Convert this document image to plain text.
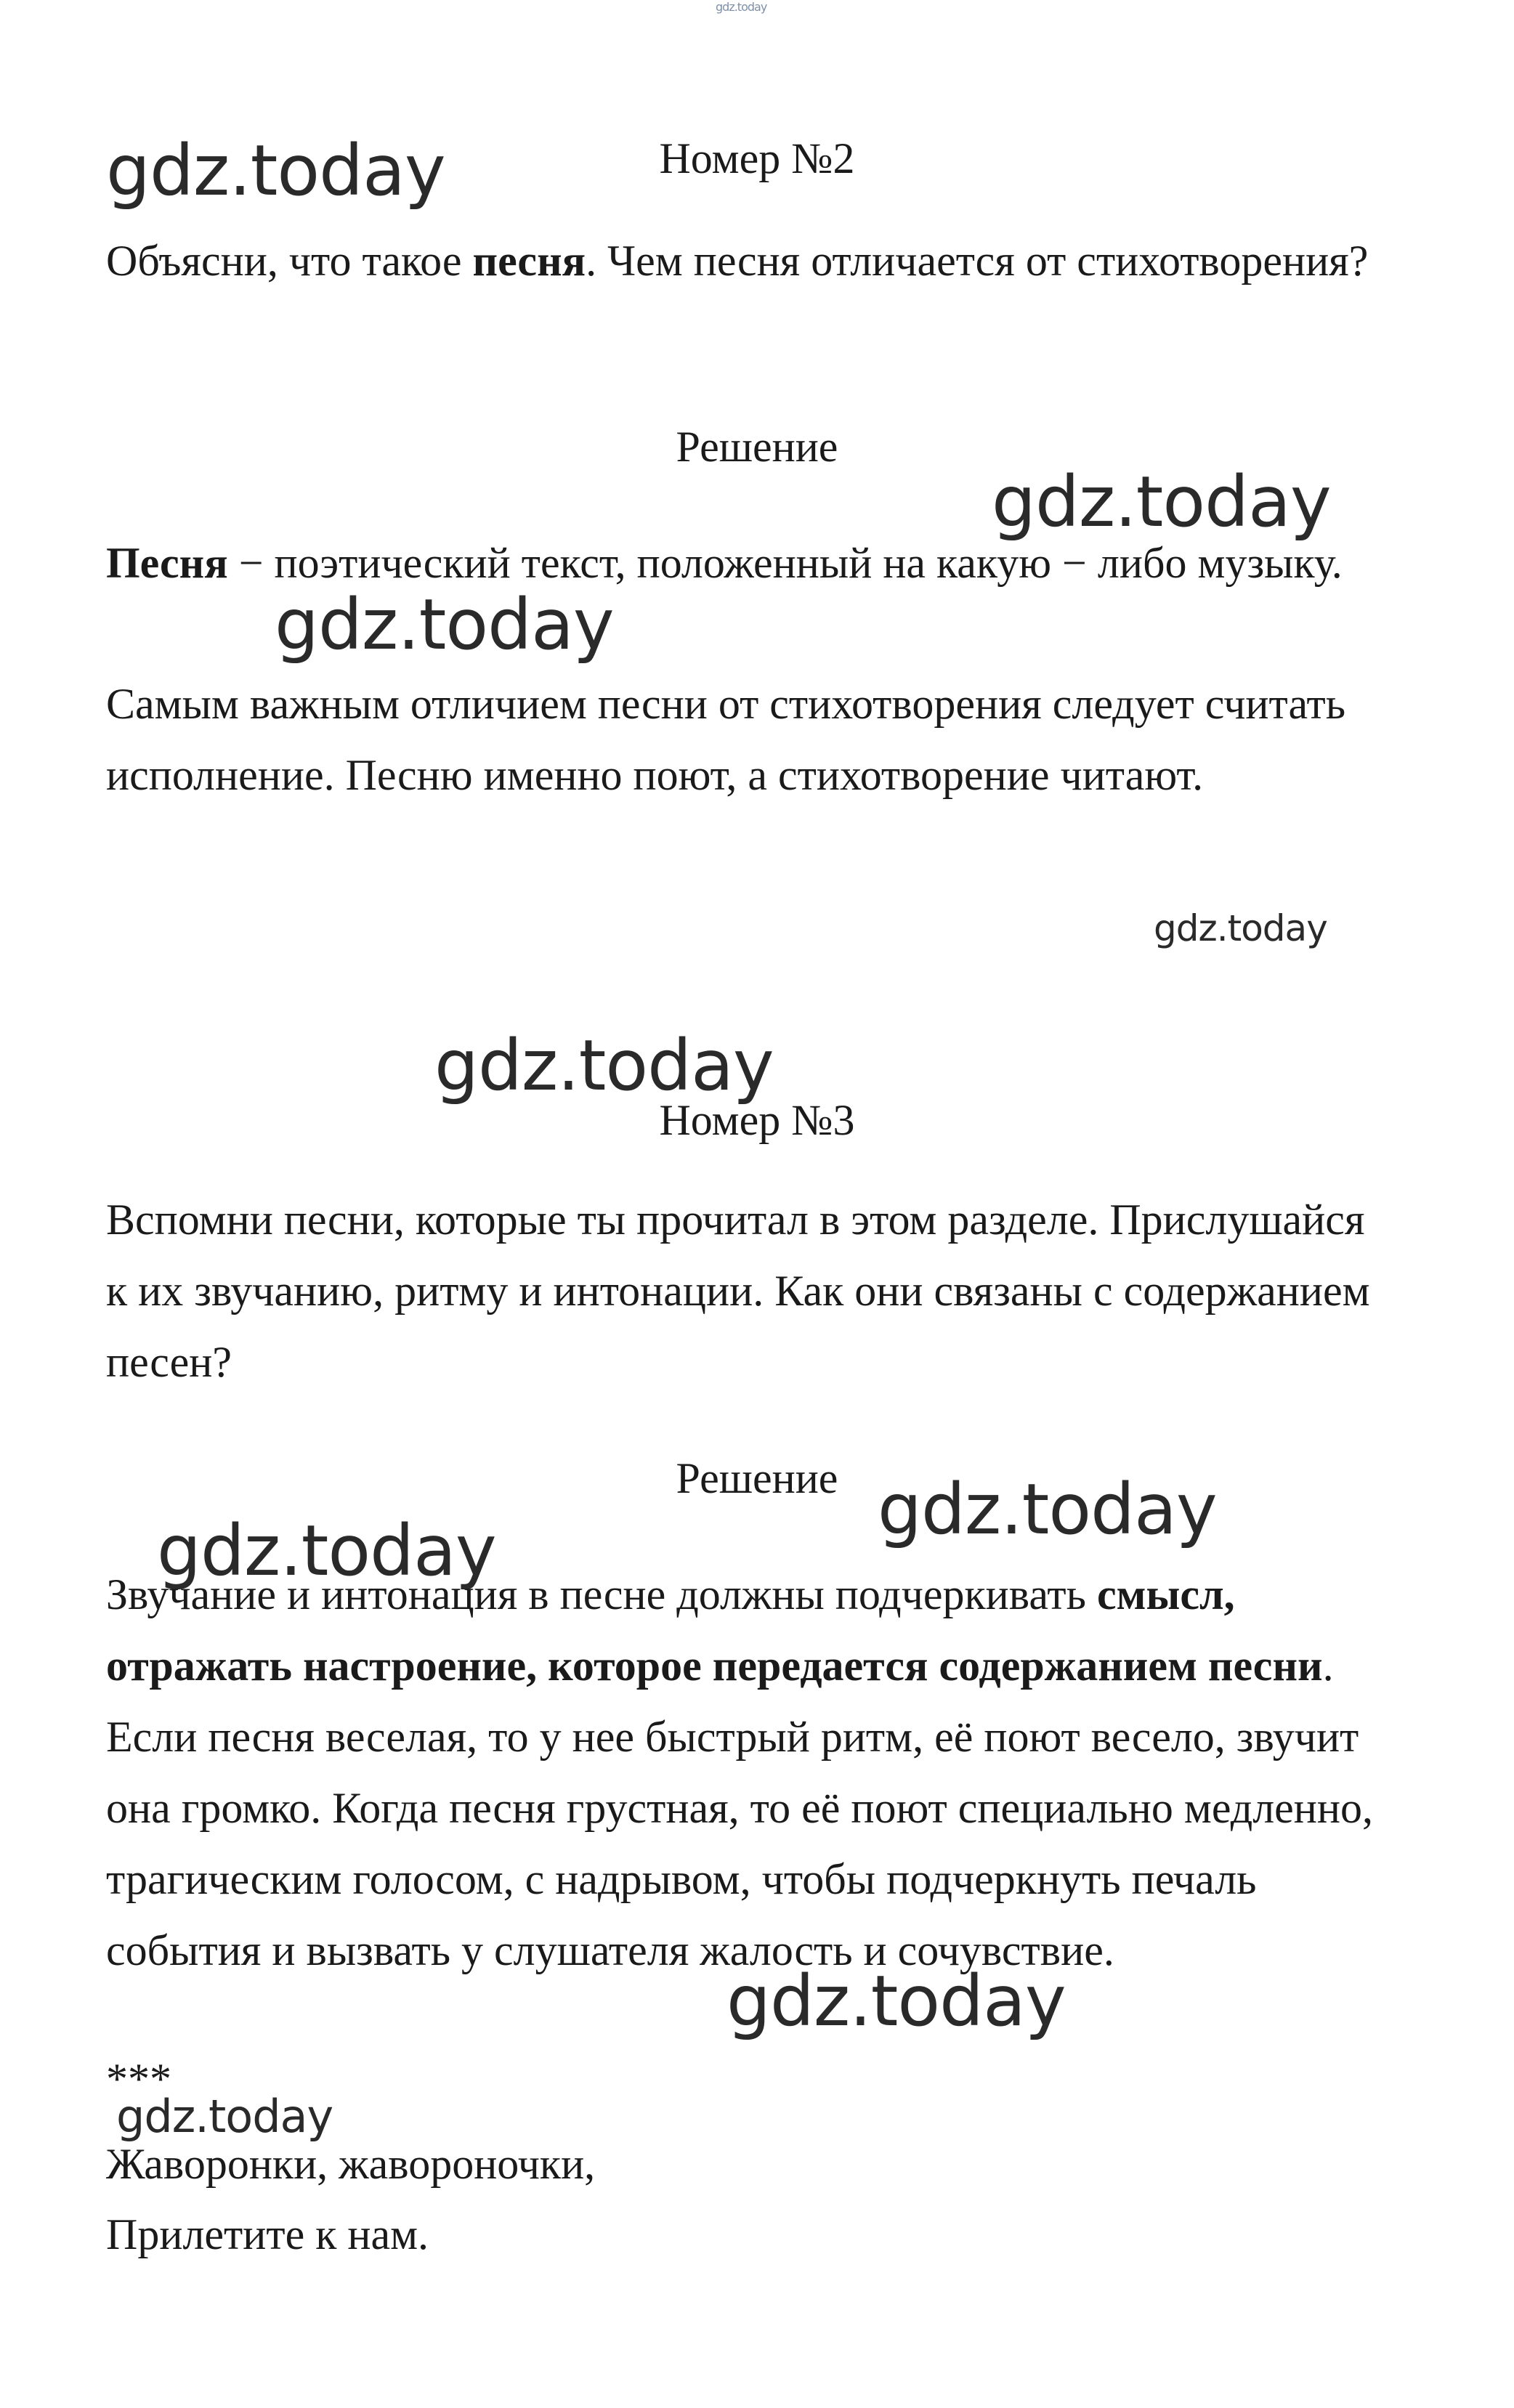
gdz.today
gdz.today	Номер №2

Объясни, что такое песня. Чем песня отличается от стихотворения?

Решение

gdz.today

Песня − поэтический текст, положенный на какую − либо музыку.

gdz.today

Самым важным отличием песни от стихотворения следует считать исполнение. Песню именно поют, а стихотворение читают.

gdz.today
gdz.today

Номер №3

Вспомни песни, которые ты прочитал в этом разделе. Прислушайся к их звучанию, ритму и интонации. Как они связаны с содержанием песен?

Решение gdz.today
gdz.today

Звучание и интонация в песне должны подчеркивать смысл, отражать настроение, которое передается содержанием песни. Если песня веселая, то у нее быстрый ритм, её поют весело, звучит она громко. Когда песня грустная, то её поют специально медленно, трагическим голосом, с надрывом, чтобы подчеркнуть печаль события и вызвать у слушателя жалость и сочувствие.

gdz.today

***

gdz.today

Жаворонки, жавороночки,

Прилетите к нам.
